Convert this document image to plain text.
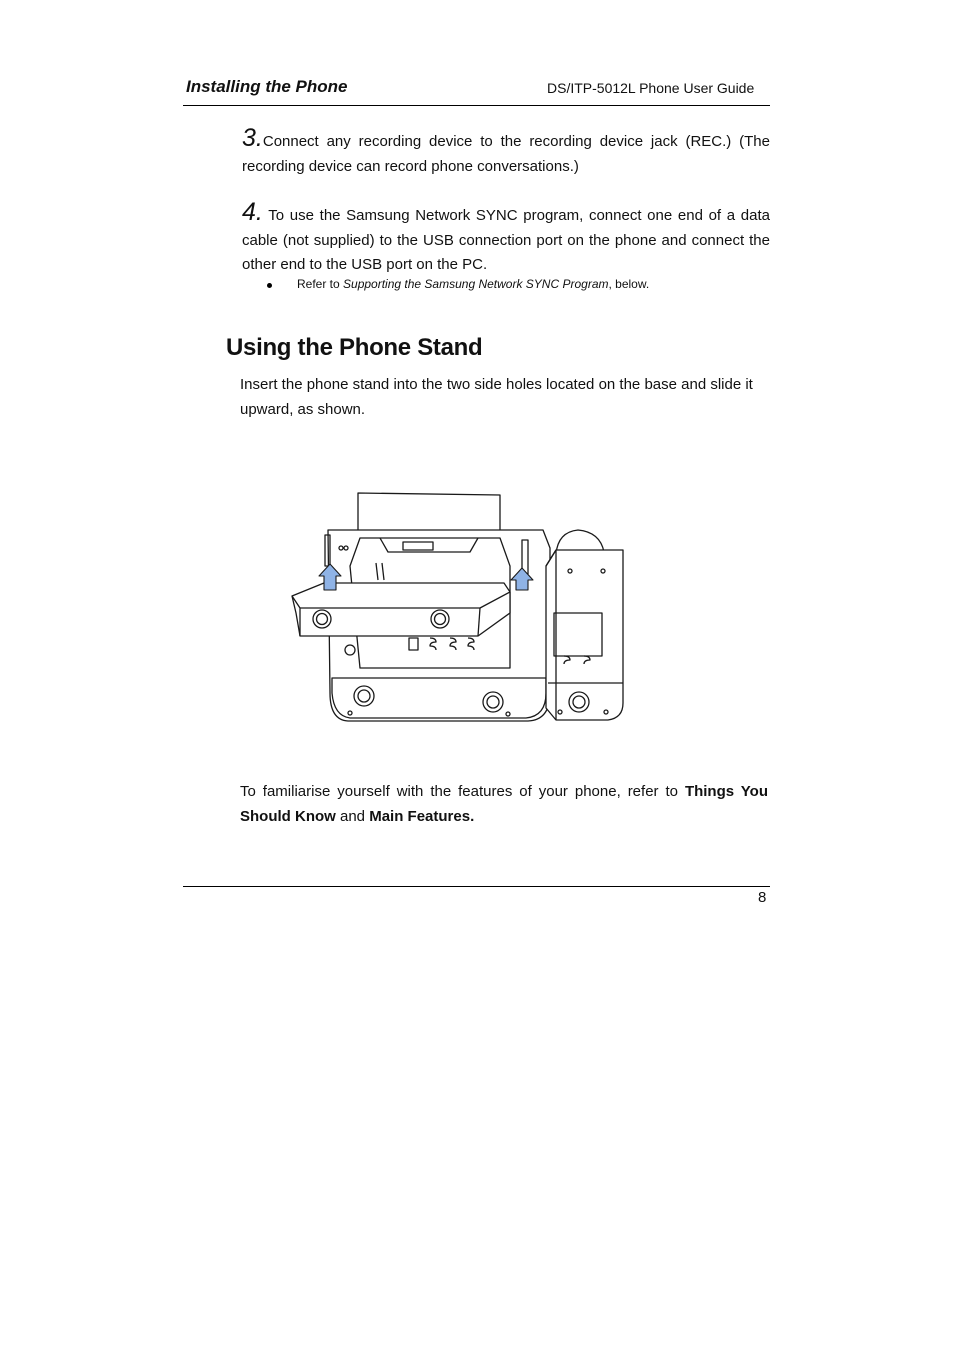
Installing the Phone	DS/ITP-5012L Phone User Guide
3.Connect any recording device to the recording device jack (REC.) (The recording device can record phone conversations.)
4. To use the Samsung Network SYNC program, connect one end of a data cable (not supplied) to the USB connection port on the phone and connect the other end to the USB port on the PC.
Refer to Supporting the Samsung Network SYNC Program, below.
Using the Phone Stand
Insert the phone stand into the two side holes located on the base and slide it upward, as shown.
To familiarise yourself with the features of your phone, refer to Things You Should Know and Main Features.
8
